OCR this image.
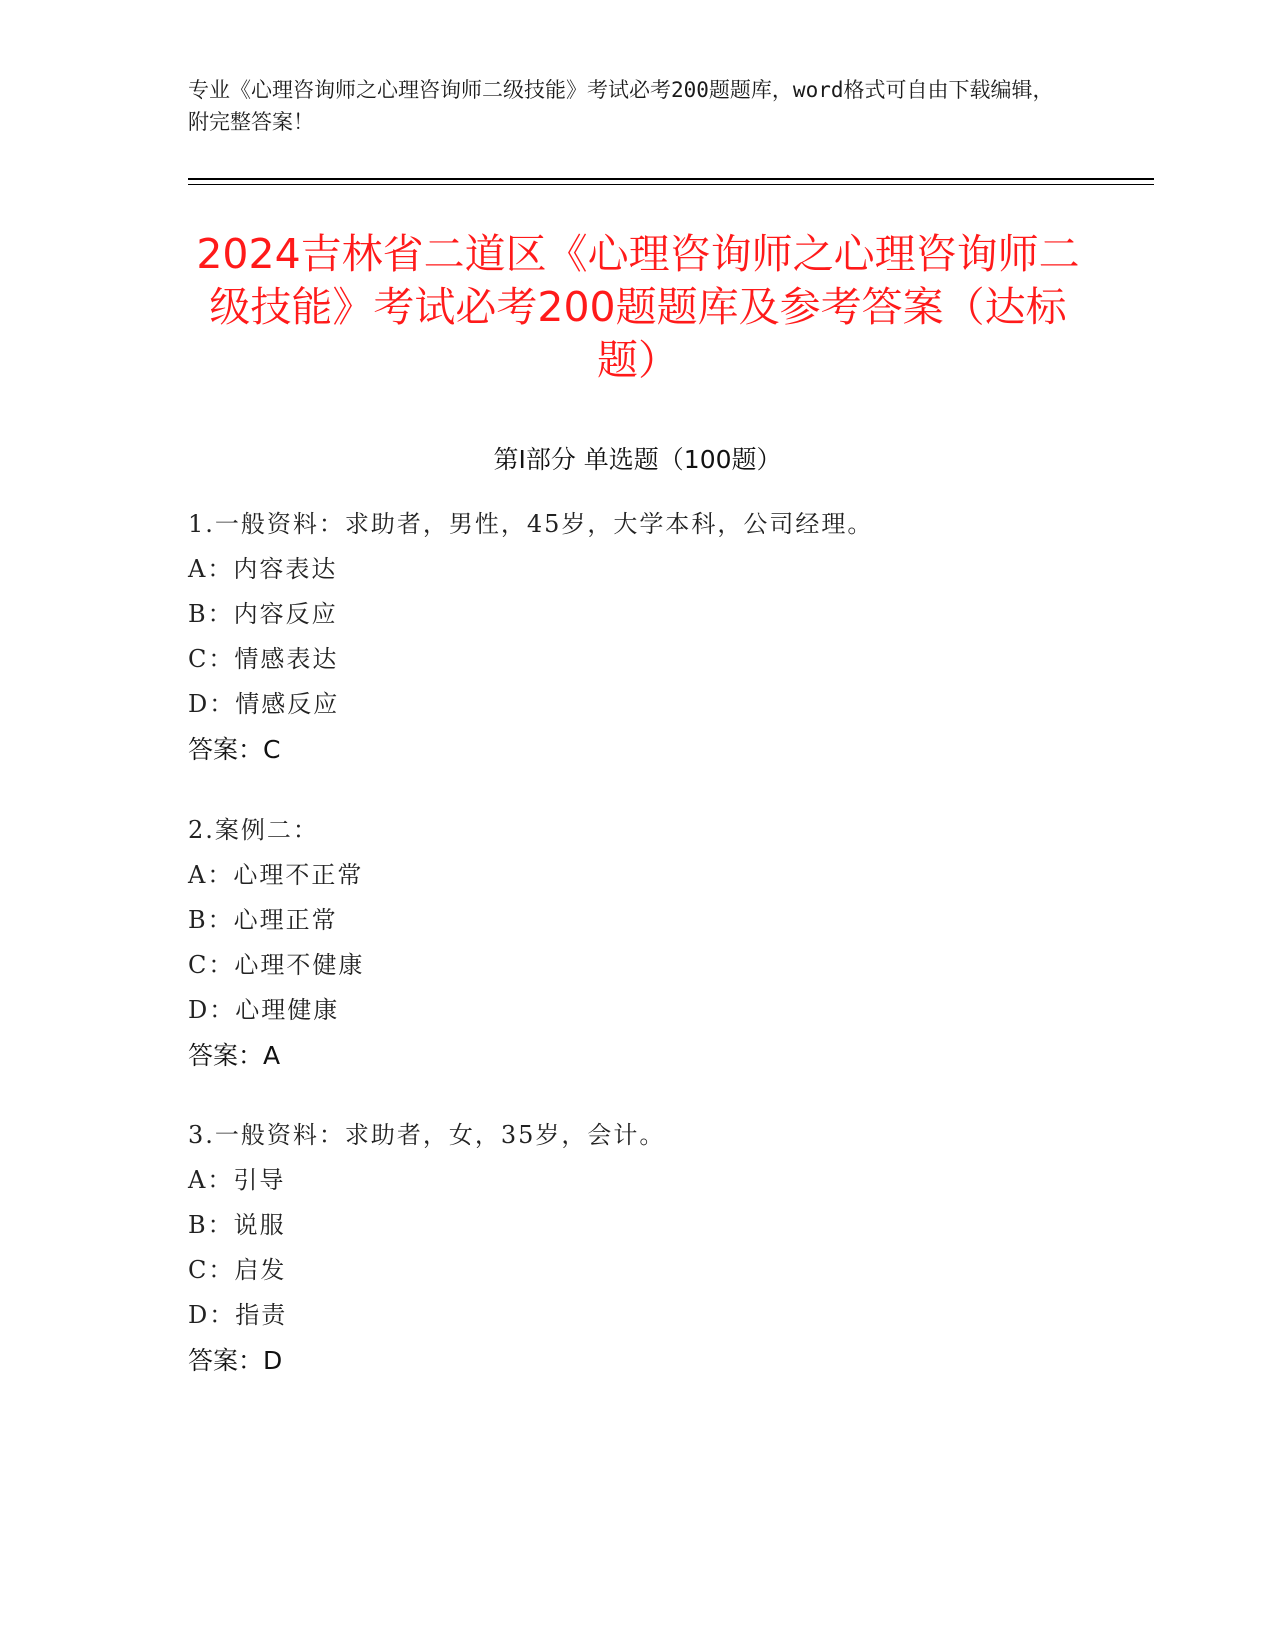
专业《心理咨询师之心理咨询师二级技能》考试必考200题题库，word格式可自由下载编辑，附完整答案！
2024吉林省二道区《心理咨询师之心理咨询师二级技能》考试必考200题题库及参考答案（达标题）
第I部分 单选题（100题）
1.一般资料：求助者，男性，45岁，大学本科，公司经理。
A：内容表达
B：内容反应
C：情感表达
D：情感反应
答案：C
2.案例二：
A：心理不正常
B：心理正常
C：心理不健康
D：心理健康
答案：A
3.一般资料：求助者，女，35岁，会计。
A：引导
B：说服
C：启发
D：指责
答案：D
